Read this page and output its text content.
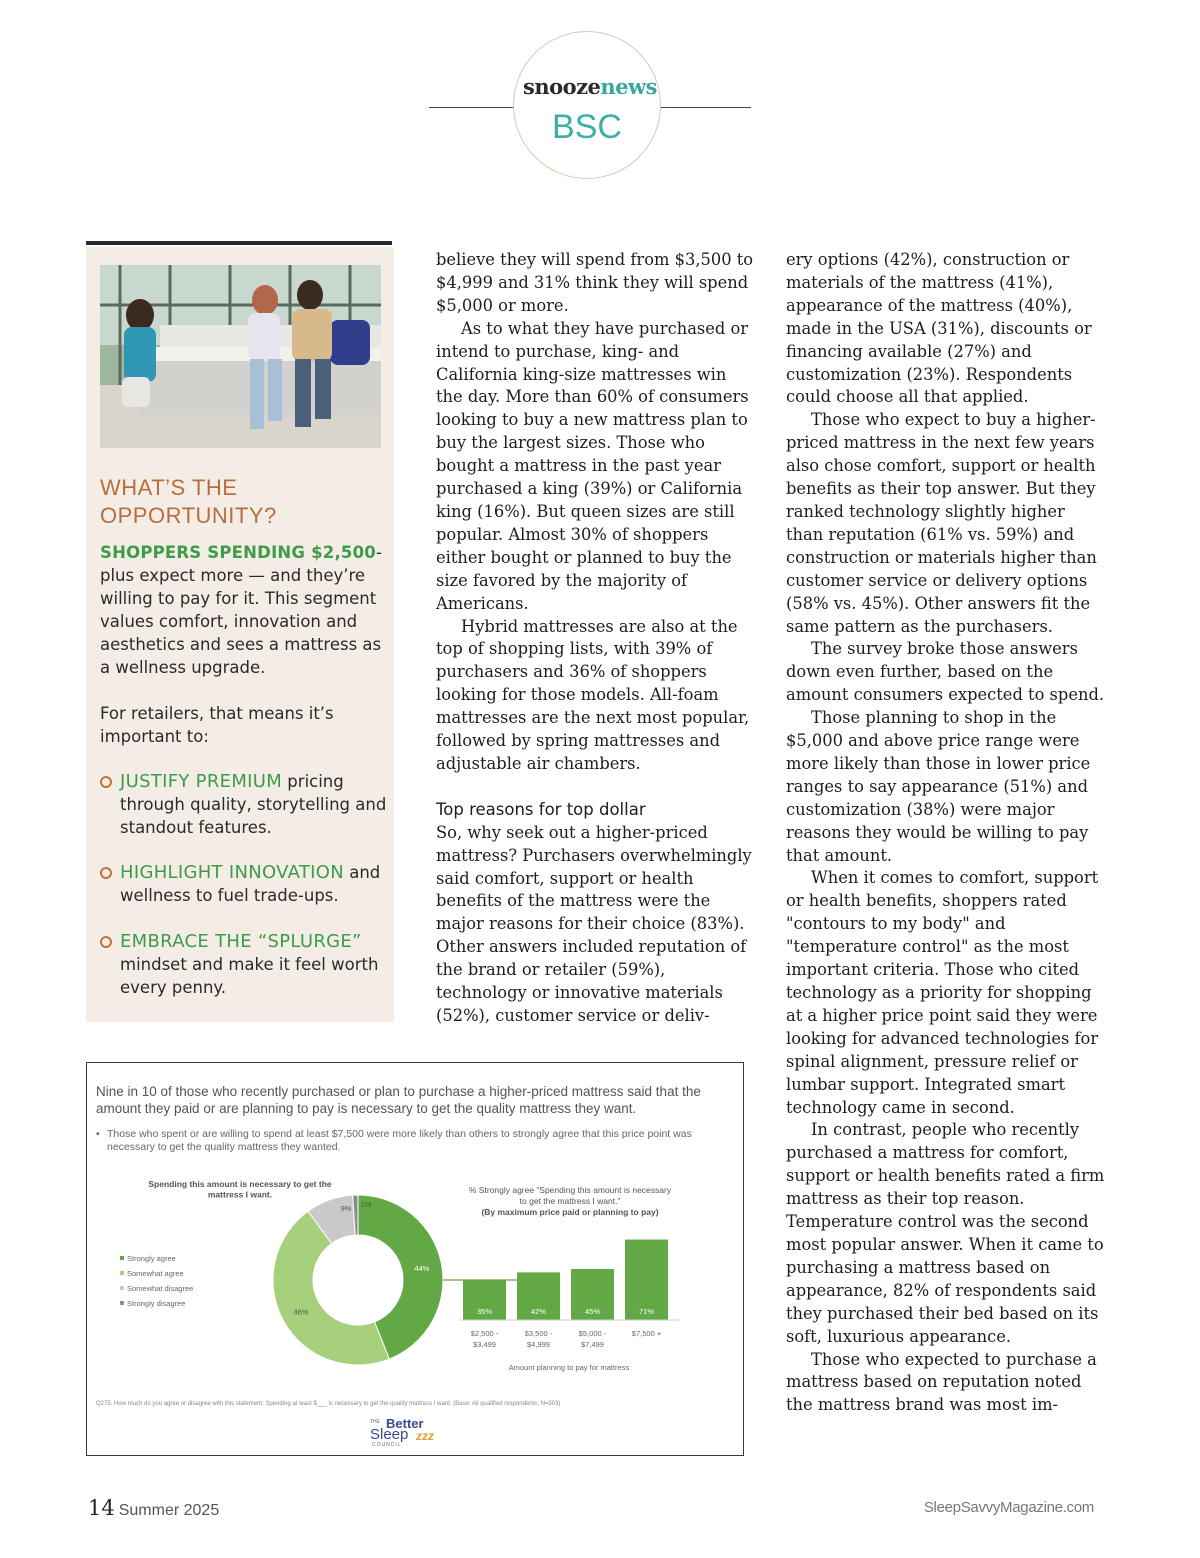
snoozenews
BSC
WHAT’S THE
OPPORTUNITY?
SHOPPERS SPENDING $2,500-plus expect more — and they’re willing to pay for it. This segment values comfort, innovation and aesthetics and sees a mattress as a wellness upgrade.
For retailers, that means it’s important to:
JUSTIFY PREMIUM pricing through quality, storytelling and standout features.
HIGHLIGHT INNOVATION and wellness to fuel trade-ups.
EMBRACE THE “SPLURGE” mindset and make it feel worth every penny.

believe they will spend from $3,500 to $4,999 and 31% think they will spend $5,000 or more.

As to what they have purchased or intend to purchase, king- and California king-size mattresses win the day. More than 60% of consumers looking to buy a new mattress plan to buy the largest sizes. Those who bought a mattress in the past year purchased a king (39%) or California king (16%). But queen sizes are still popular. Almost 30% of shoppers either bought or planned to buy the size favored by the majority of Americans.

Hybrid mattresses are also at the top of shopping lists, with 39% of purchasers and 36% of shoppers looking for those models. All-foam mattresses are the next most popular, followed by spring mattresses and adjustable air chambers.

Top reasons for top dollar

So, why seek out a higher-priced mattress? Purchasers overwhelmingly said comfort, support or health benefits of the mattress were the major reasons for their choice (83%). Other answers included reputation of the brand or retailer (59%), technology or innovative materials (52%), customer service or deliv-

ery options (42%), construction or materials of the mattress (41%), appearance of the mattress (40%), made in the USA (31%), discounts or financing available (27%) and customization (23%). Respondents could choose all that applied.

Those who expect to buy a higher-priced mattress in the next few years also chose comfort, support or health benefits as their top answer. But they ranked technology slightly higher than reputation (61% vs. 59%) and construction or materials higher than customer service or delivery options (58% vs. 45%). Other answers fit the same pattern as the purchasers.

The survey broke those answers down even further, based on the amount consumers expected to spend.

Those planning to shop in the $5,000 and above price range were more likely than those in lower price ranges to say appearance (51%) and customization (38%) were major reasons they would be willing to pay that amount.

When it comes to comfort, support or health benefits, shoppers rated "contours to my body" and "temperature control" as the most important criteria. Those who cited technology as a priority for shopping at a higher price point said they were looking for advanced technologies for spinal alignment, pressure relief or lumbar support. Integrated smart technology came in second.

In contrast, people who recently purchased a mattress for comfort, support or health benefits rated a firm mattress as their top reason. Temperature control was the second most popular answer. When it came to purchasing a mattress based on appearance, 82% of respondents said they purchased their bed based on its soft, luxurious appearance.

Those who expected to purchase a mattress based on reputation noted the mattress brand was most im-

Nine in 10 of those who recently purchased or plan to purchase a higher-priced mattress said that the amount they paid or are planning to pay is necessary to get the quality mattress they want.
• Those who spent or are willing to spend at least $7,500 were more likely than others to strongly agree that this price point was necessary to get the quality mattress they wanted.
Spending this amount is necessary to get the
mattress I want.
44%
46%
9% 1%
Strongly agree
Somewhat agree
Somewhat disagree
Strongly disagree
% Strongly agree “Spending this amount is necessary
to get the mattress I want.”
(By maximum price paid or planning to pay)
35%
$2,500 -
$3,499
42%
$3,500 -
$4,999
45%
$5,000 -
$7,499
71%
$7,500 +
Amount planning to pay for mattress
Q275. How much do you agree or disagree with this statement: Spending at least $___ is necessary to get the quality mattress I want. (Base: All qualified respondents; N=503)
THE Better
Sleep
COUNCIL
zzz
14 Summer 2025	SleepSavvyMagazine.com
